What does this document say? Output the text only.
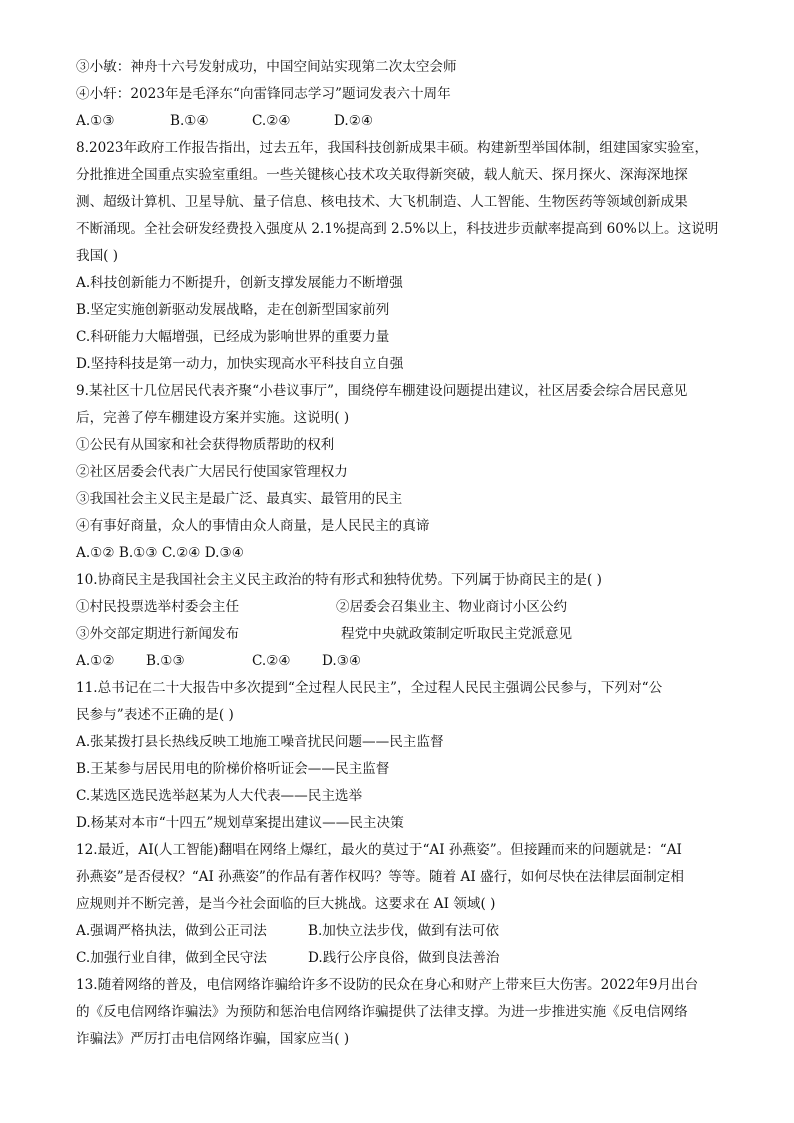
③小敏：神舟十六号发射成功，中国空间站实现第二次太空会师
④小轩：2023年是毛泽东“向雷锋同志学习”题词发表六十周年
A.①③	B.①④	C.②④	D.②④
8.2023年政府工作报告指出，过去五年，我国科技创新成果丰硕。构建新型举国体制，组建国家实验室，
分批推进全国重点实验室重组。一些关键核心技术攻关取得新突破，载人航天、探月探火、深海深地探
测、超级计算机、卫星导航、量子信息、核电技术、大飞机制造、人工智能、生物医药等领域创新成果
不断涌现。全社会研发经费投入强度从 2.1%提高到 2.5%以上，科技进步贡献率提高到 60%以上。这说明
我国( )
A.科技创新能力不断提升，创新支撑发展能力不断增强
B.坚定实施创新驱动发展战略，走在创新型国家前列
C.科研能力大幅增强，已经成为影响世界的重要力量
D.坚持科技是第一动力，加快实现高水平科技自立自强
9.某社区十几位居民代表齐聚“小巷议事厅”，围绕停车棚建设问题提出建议，社区居委会综合居民意见
后，完善了停车棚建设方案并实施。这说明( )
①公民有从国家和社会获得物质帮助的权利
②社区居委会代表广大居民行使国家管理权力
③我国社会主义民主是最广泛、最真实、最管用的民主
④有事好商量，众人的事情由众人商量，是人民民主的真谛
A.①② B.①③ C.②④ D.③④
10.协商民主是我国社会主义民主政治的特有形式和独特优势。下列属于协商民主的是( )
①村民投票选举村委会主任	②居委会召集业主、物业商讨小区公约
③外交部定期进行新闻发布	程党中央就政策制定听取民主党派意见
A.①② B.①③	C.②④ D.③④
11.总书记在二十大报告中多次提到“全过程人民民主”，全过程人民民主强调公民参与，下列对“公
民参与”表述不正确的是( )
A.张某拨打县长热线反映工地施工噪音扰民问题——民主监督
B.王某参与居民用电的阶梯价格听证会——民主监督
C.某选区选民选举赵某为人大代表——民主选举
D.杨某对本市“十四五”规划草案提出建议——民主决策
12.最近，AI(人工智能)翻唱在网络上爆红，最火的莫过于“AI 孙燕姿”。但接踵而来的问题就是：“AI
孙燕姿”是否侵权？“AI 孙燕姿”的作品有著作权吗？等等。随着 AI 盛行，如何尽快在法律层面制定相
应规则并不断完善，是当今社会面临的巨大挑战。这要求在 AI 领域( )
A.强调严格执法，做到公正司法	B.加快立法步伐，做到有法可依
C.加强行业自律，做到全民守法	D.践行公序良俗，做到良法善治
13.随着网络的普及，电信网络诈骗给许多不设防的民众在身心和财产上带来巨大伤害。2022年9月出台
的《反电信网络诈骗法》为预防和惩治电信网络诈骗提供了法律支撑。为进一步推进实施《反电信网络
诈骗法》严厉打击电信网络诈骗，国家应当( )
